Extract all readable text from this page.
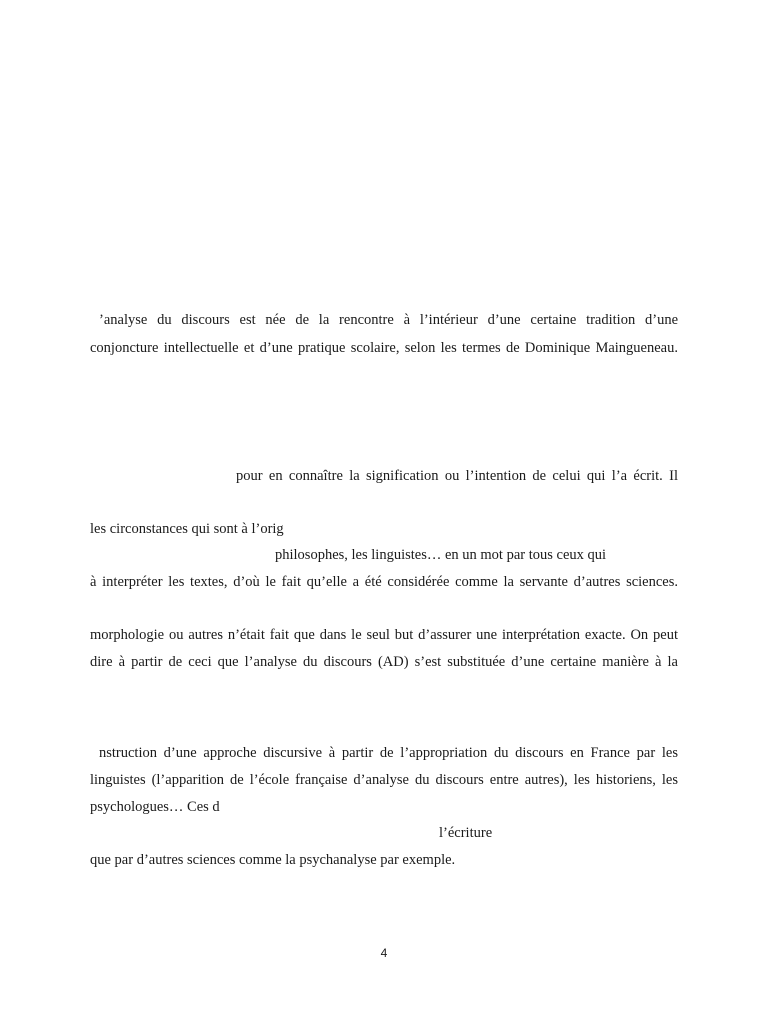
’analyse du discours est née de la rencontre à l’intérieur d’une certaine tradition d’une
conjoncture intellectuelle et d’une pratique scolaire, selon les termes de Dominique Maingueneau.
pour en connaître la signification ou l’intention de celui qui l’a écrit. Il
les circonstances qui sont à l’orig
philosophes, les linguistes… en un mot par tous ceux qui
à interpréter les textes, d’où le fait qu’elle a été considérée comme la servante d’autres sciences.
morphologie ou autres n’était fait que dans le seul but d’assurer une interprétation exacte. On peut
dire à partir de ceci que l’analyse du discours (AD) s’est substituée d’une certaine manière à la
nstruction d’une approche discursive à partir de l’appropriation du discours en France par les
linguistes (l’apparition de l’école française d’analyse du discours entre autres), les historiens, les
psychologues… Ces d
l’écriture
que par d’autres sciences comme la psychanalyse par exemple.
4
